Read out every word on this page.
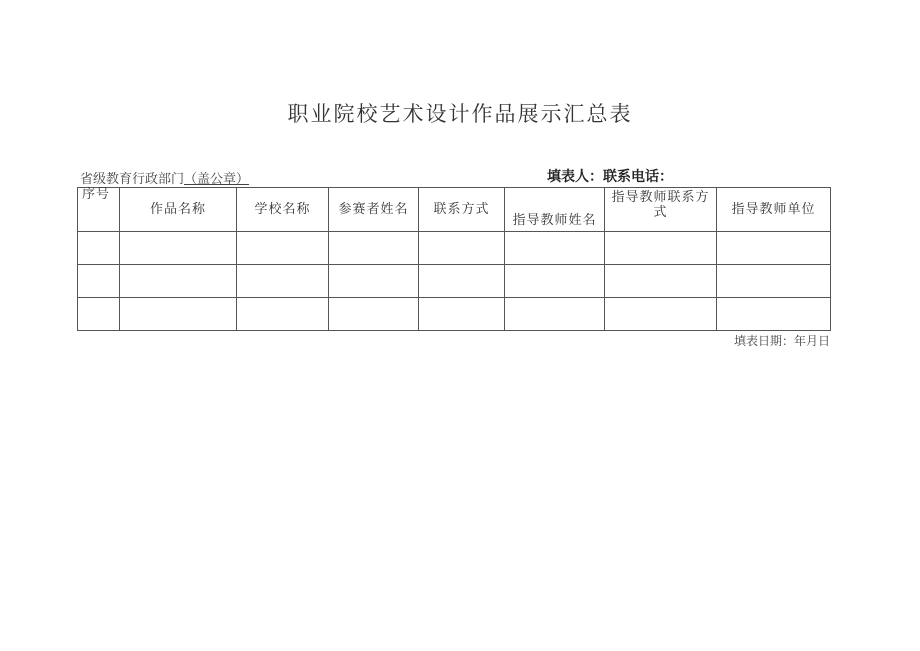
职业院校艺术设计作品展示汇总表
省级教育行政部门（盖公章）	填表人：联系电话：
序号	作品名称	学校名称	参赛者姓名	联系方式	指导教师姓名	指导教师联系方式	指导教师单位

填表日期：年月日
